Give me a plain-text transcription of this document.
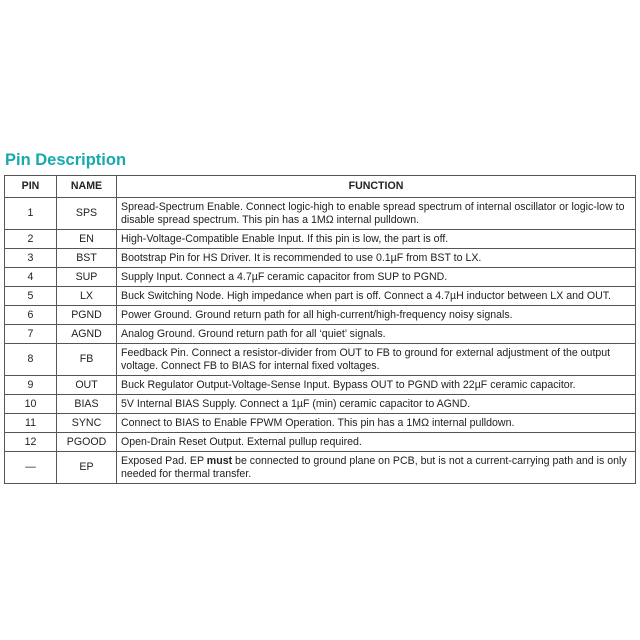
Pin Description
PIN	NAME	FUNCTION
1	SPS	Spread-Spectrum Enable. Connect logic-high to enable spread spectrum of internal oscillator or logic-low to disable spread spectrum. This pin has a 1MΩ internal pulldown.
2	EN	High-Voltage-Compatible Enable Input. If this pin is low, the part is off.
3	BST	Bootstrap Pin for HS Driver. It is recommended to use 0.1µF from BST to LX.
4	SUP	Supply Input. Connect a 4.7µF ceramic capacitor from SUP to PGND.
5	LX	Buck Switching Node. High impedance when part is off. Connect a 4.7µH inductor between LX and OUT.
6	PGND	Power Ground. Ground return path for all high-current/high-frequency noisy signals.
7	AGND	Analog Ground. Ground return path for all ‘quiet’ signals.
8	FB	Feedback Pin. Connect a resistor-divider from OUT to FB to ground for external adjustment of the output voltage. Connect FB to BIAS for internal fixed voltages.
9	OUT	Buck Regulator Output-Voltage-Sense Input. Bypass OUT to PGND with 22µF ceramic capacitor.
10	BIAS	5V Internal BIAS Supply. Connect a 1µF (min) ceramic capacitor to AGND.
11	SYNC	Connect to BIAS to Enable FPWM Operation. This pin has a 1MΩ internal pulldown.
12	PGOOD	Open-Drain Reset Output. External pullup required.
—	EP	Exposed Pad. EP must be connected to ground plane on PCB, but is not a current-carrying path and is only needed for thermal transfer.
